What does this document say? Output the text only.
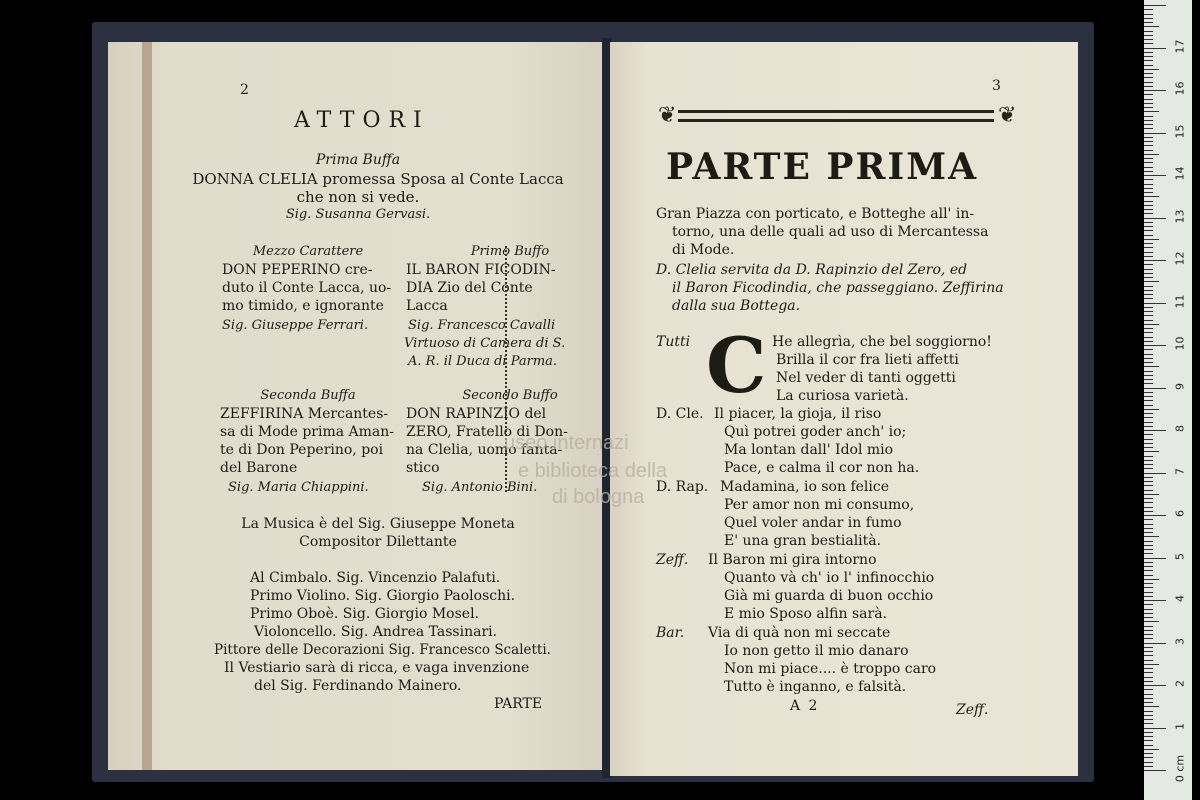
2
ATTORI
Prima Buffa
DONNA CLELIA promessa Sposa al Conte Lacca
che non si vede.
Sig. Susanna Gervasi.
Mezzo Carattere
DON PEPERINO cre-
duto il Conte Lacca, uo-
mo timido, e ignorante
Sig. Giuseppe Ferrari.
Primo Buffo
IL BARON FICODIN-
DIA Zio del Conte
Lacca
Sig. Francesco Cavalli
Virtuoso di Camera di S.
A. R. il Duca di Parma.
Seconda Buffa
ZEFFIRINA Mercantes-
sa di Mode prima Aman-
te di Don Peperino, poi
del Barone
Sig. Maria Chiappini.
Secondo Buffo
DON RAPINZIO del
ZERO, Fratello di Don-
na Clelia, uomo fanta-
stico
Sig. Antonio Bini.
La Musica è del Sig. Giuseppe Moneta
Compositor Dilettante
Al Cimbalo. Sig. Vincenzio Palafuti.
Primo Violino. Sig. Giorgio Paoloschi.
Primo Oboè. Sig. Giorgio Mosel.
Violoncello. Sig. Andrea Tassinari.
Pittore delle Decorazioni Sig. Francesco Scaletti.
Il Vestiario sarà di ricca, e vaga invenzione
del Sig. Ferdinando Mainero.
PARTE
3
❦	❦
PARTE PRIMA
Gran Piazza con porticato, e Botteghe all' in-
torno, una delle quali ad uso di Mercantessa
di Mode.
D. Clelia servita da D. Rapinzio del Zero, ed
il Baron Ficodindia, che passeggiano. Zeffirina
dalla sua Bottega.
Tutti C He allegrìa, che bel soggiorno!
Brilla il cor fra lieti affetti
Nel veder di tanti oggetti
La curiosa varietà.
D. Cle. Il piacer, la gioja, il riso
Quì potrei goder anch' io;
Ma lontan dall' Idol mio
Pace, e calma il cor non ha.
D. Rap. Madamina, io son felice
Per amor non mi consumo,
Quel voler andar in fumo
E' una gran bestialità.
Zeff. Il Baron mi gira intorno
Quanto và ch' io l' infinocchio
Già mi guarda di buon occhio
E mio Sposo alfin sarà.
Bar. Via di quà non mi seccate
Io non getto il mio danaro
Non mi piace.... è troppo caro
Tutto è inganno, e falsità.
A 2	Zeff.
useo internazi
e biblioteca della
di bologna
0 cm
1
2
3
4
5
6
7
8
9
10
11
12
13
14
15
16
17
